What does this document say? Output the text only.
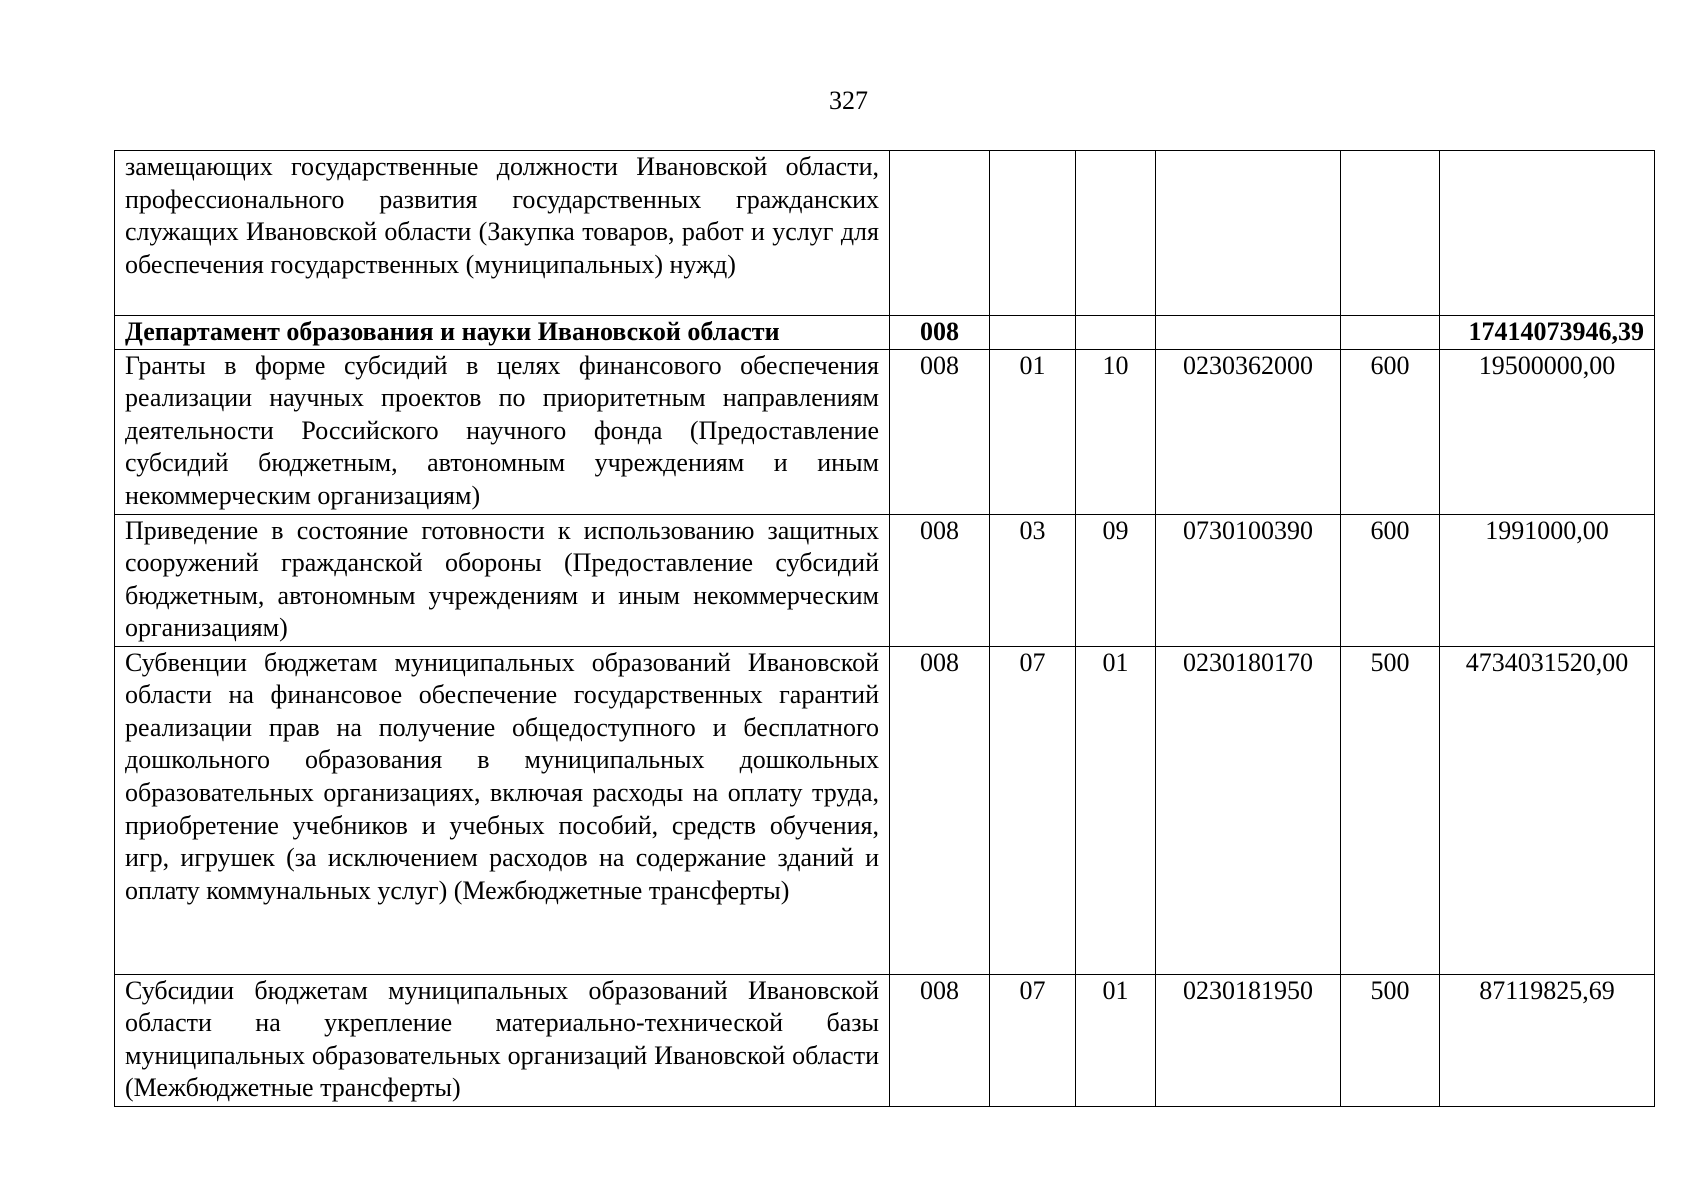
327
замещающих государственные должности Ивановской области, профессионального развития государственных гражданских служащих Ивановской области (Закупка товаров, работ и услуг для обеспечения государственных (муниципальных) нужд)						
Департамент образования и науки Ивановской области	008					17414073946,39
Гранты в форме субсидий в целях финансового обеспечения реализации научных проектов по приоритетным направлениям деятельности Российского научного фонда (Предоставление субсидий бюджетным, автономным учреждениям и иным некоммерческим организациям)	008	01	10	0230362000	600	19500000,00
Приведение в состояние готовности к использованию защитных сооружений гражданской обороны (Предоставление субсидий бюджетным, автономным учреждениям и иным некоммерческим организациям)	008	03	09	0730100390	600	1991000,00
Субвенции бюджетам муниципальных образований Ивановской области на финансовое обеспечение государственных гарантий реализации прав на получение общедоступного и бесплатного дошкольного образования в муниципальных дошкольных образовательных организациях, включая расходы на оплату труда, приобретение учебников и учебных пособий, средств обучения, игр, игрушек (за исключением расходов на содержание зданий и оплату коммунальных услуг) (Межбюджетные трансферты)	008	07	01	0230180170	500	4734031520,00
Субсидии бюджетам муниципальных образований Ивановской области на укрепление материально-технической базы муниципальных образовательных организаций Ивановской области (Межбюджетные трансферты)	008	07	01	0230181950	500	87119825,69
